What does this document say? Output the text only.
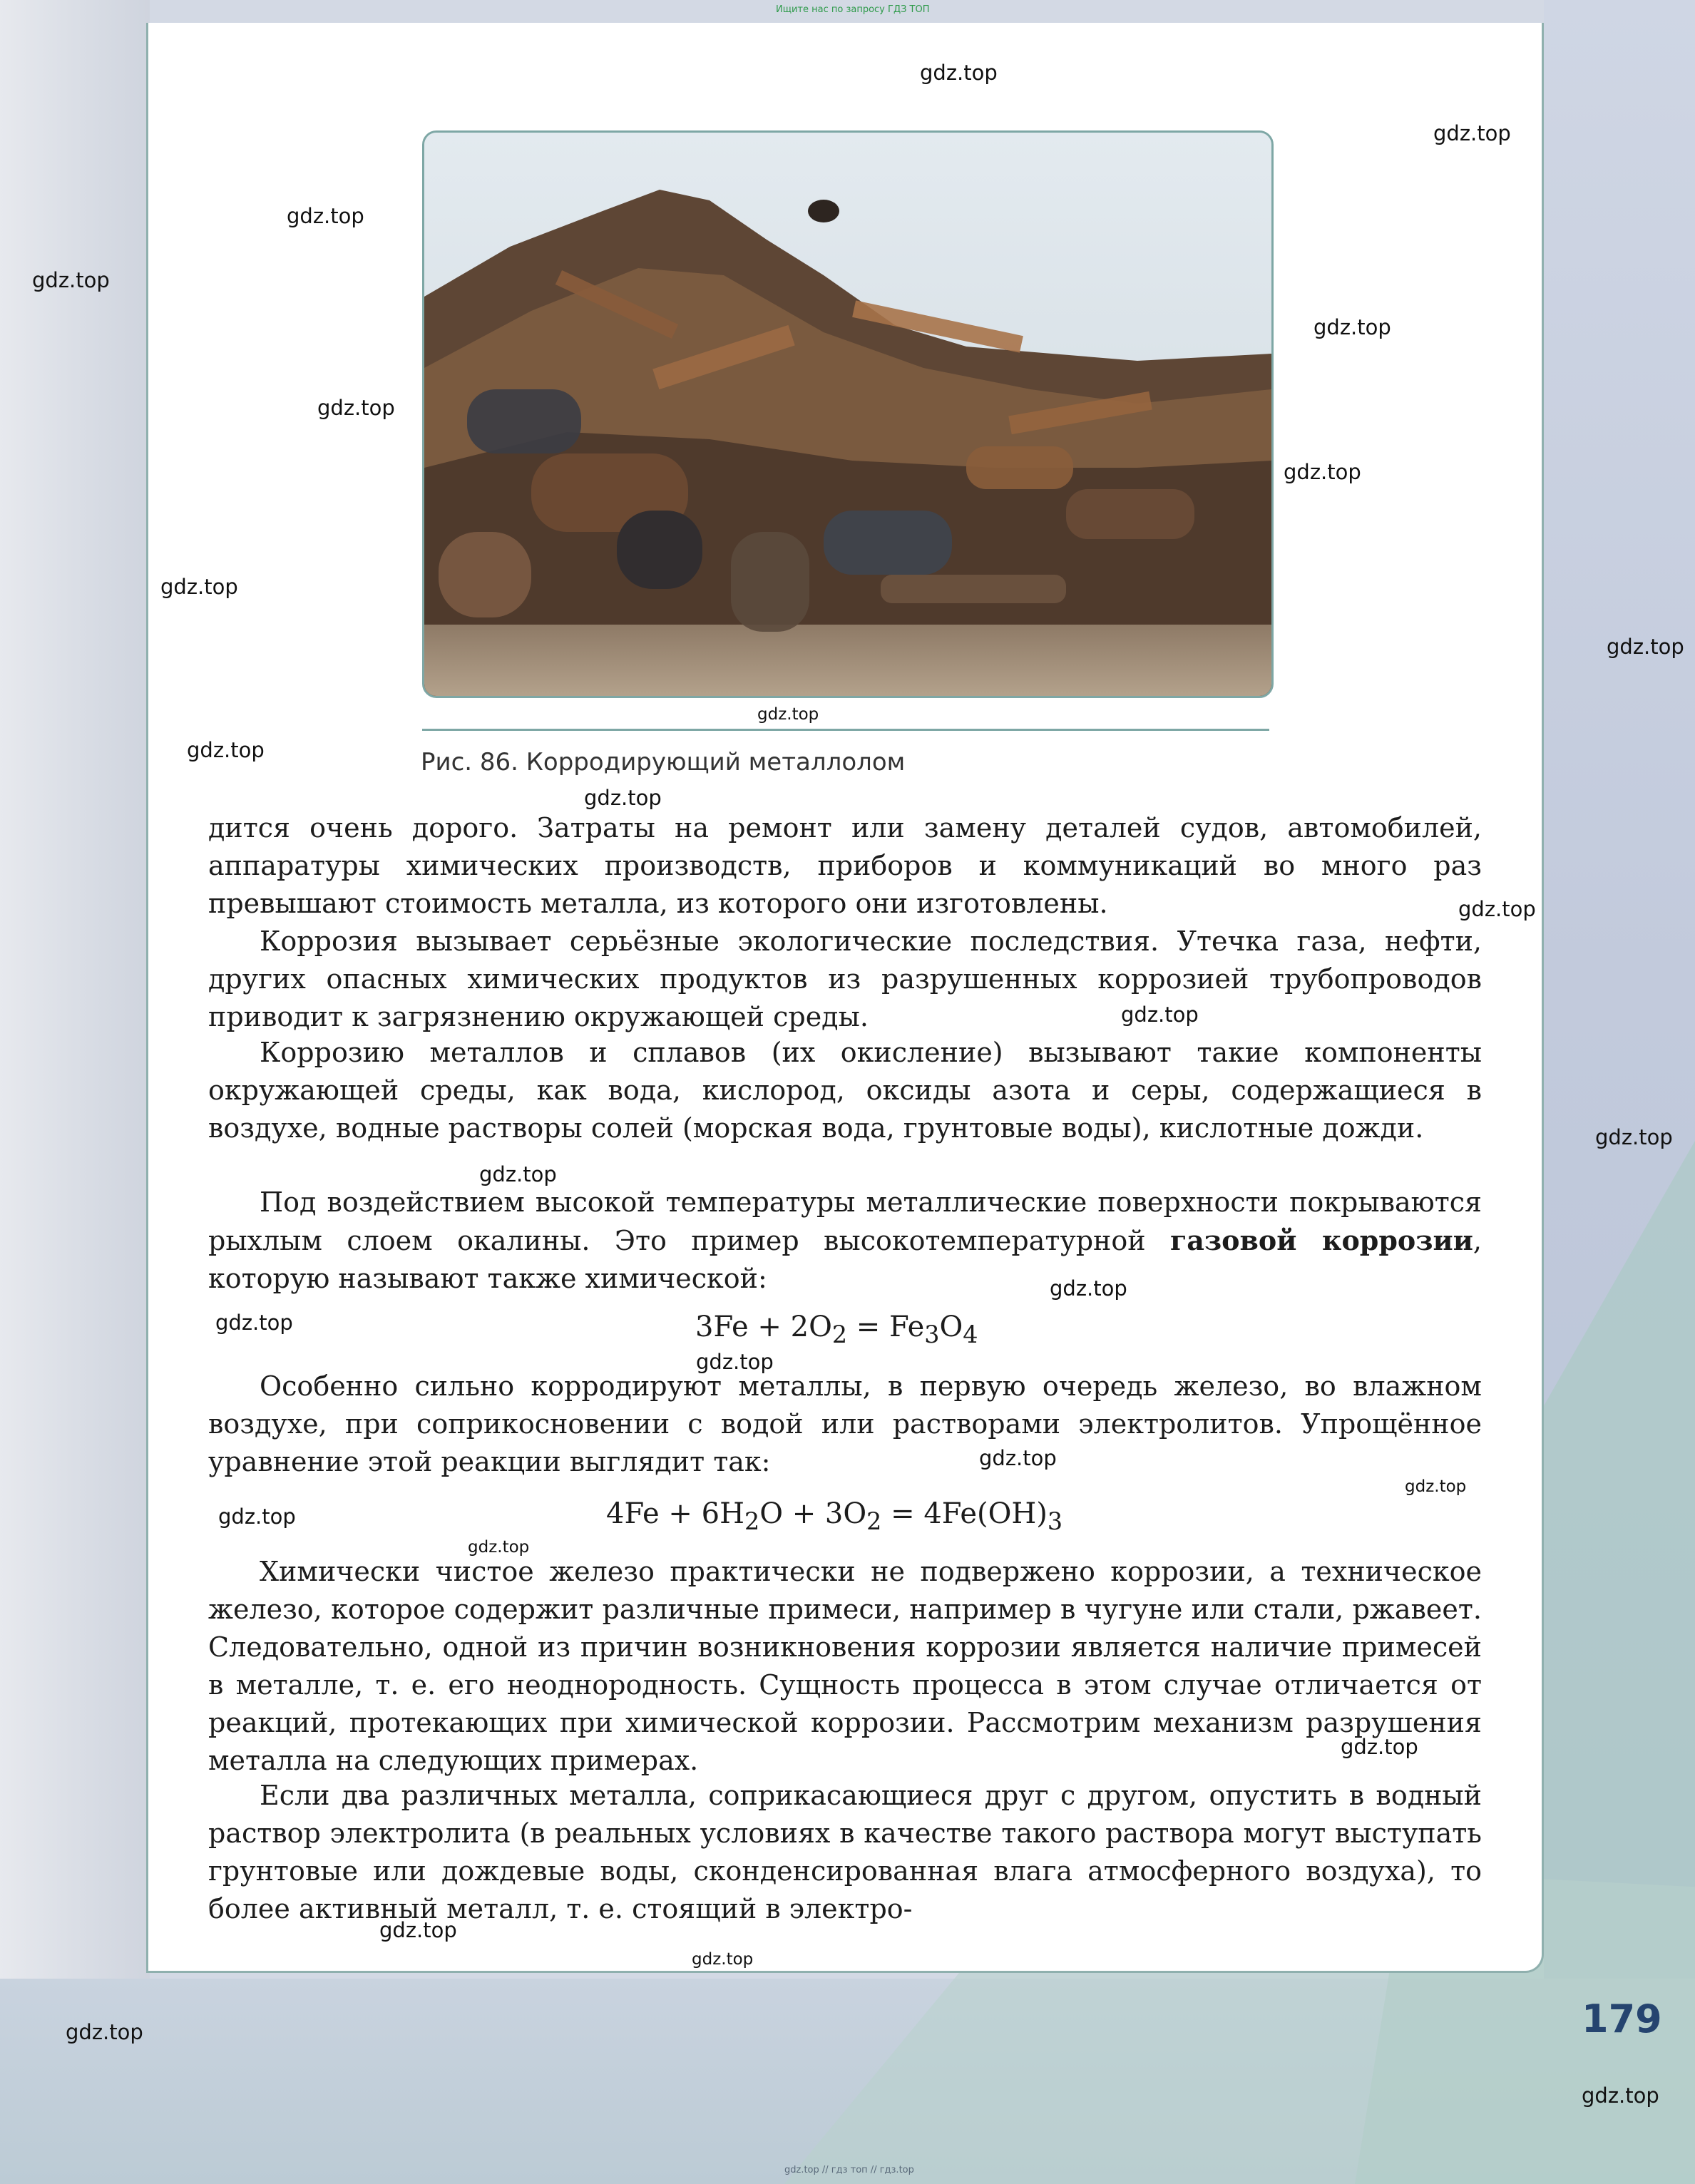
Ищите нас по запросу ГДЗ ТОП
Рис. 86. Корродирующий металлолом

дится очень дорого. Затраты на ремонт или замену деталей судов, автомобилей, аппаратуры химических производств, приборов и коммуникаций во много раз превышают стоимость металла, из которого они изготовлены.

Коррозия вызывает серьёзные экологические последствия. Утечка газа, нефти, других опасных химических продуктов из разрушенных коррозией трубопроводов приводит к загрязнению окружающей среды.

Коррозию металлов и сплавов (их окисление) вызывают такие компоненты окружающей среды, как вода, кислород, оксиды азота и серы, содержащиеся в воздухе, водные растворы солей (морская вода, грунтовые воды), кислотные дожди.

Под воздействием высокой температуры металлические поверхности покрываются рыхлым слоем окалины. Это пример высокотемпературной газовой коррозии, которую называют также химической:

$3Fe + 2O_2 = Fe_3O_4$

Особенно сильно корродируют металлы, в первую очередь железо, во влажном воздухе, при соприкосновении с водой или растворами электролитов. Упрощённое уравнение этой реакции выглядит так:

$4Fe + 6H_2O + 3O_2 = 4Fe(OH)_3$

Химически чистое железо практически не подвержено коррозии, а техническое железо, которое содержит различные примеси, например в чугуне или стали, ржавеет. Следовательно, одной из причин возникновения коррозии является наличие примесей в металле, т. е. его неоднородность. Сущность процесса в этом случае отличается от реакций, протекающих при химической коррозии. Рассмотрим механизм разрушения металла на следующих примерах.

Если два различных металла, соприкасающиеся друг с другом, опустить в водный раствор электролита (в реальных условиях в качестве такого раствора могут выступать грунтовые или дождевые воды, сконденсированная влага атмосферного воздуха), то более активный металл, т. е. стоящий в электро-

gdz.top
gdz.top
gdz.top
gdz.top
gdz.top
gdz.top
gdz.top
gdz.top
gdz.top
gdz.top
gdz.top
gdz.top
gdz.top
gdz.top
gdz.top
gdz.top
gdz.top
gdz.top
gdz.top
gdz.top
gdz.top
gdz.top
gdz.top
gdz.top
gdz.top
gdz.top
gdz.top
gdz.top
179
gdz.top // гдз топ // гдз.top
